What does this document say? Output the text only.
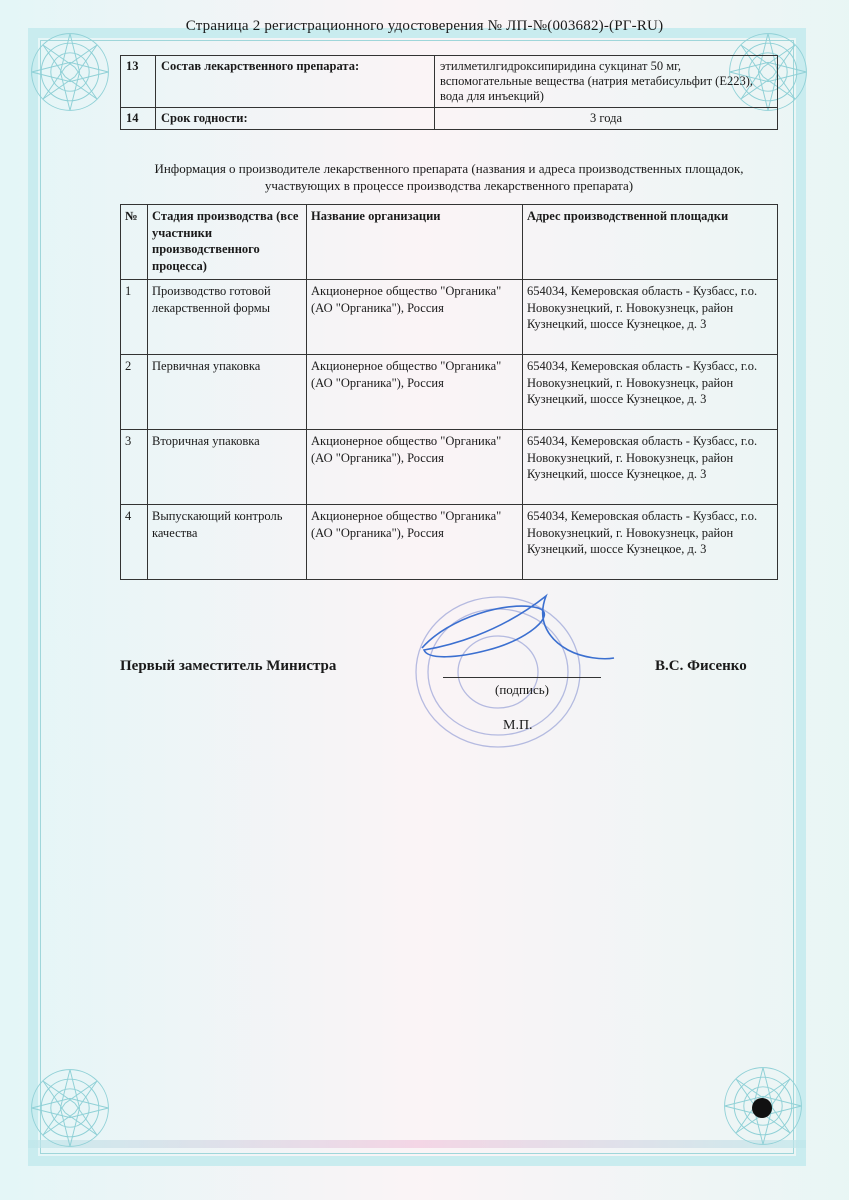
Страница 2 регистрационного удостоверения № ЛП-№(003682)-(РГ-RU)
13	Состав лекарственного препарата:	этилметилгидроксипиридина сукцинат 50 мг, вспомогательные вещества (натрия метабисульфит (Е223), вода для инъекций)
14	Срок годности:	3 года
Информация о производителе лекарственного препарата (названия и адреса производственных площадок, участвующих в процессе производства лекарственного препарата)
№	Стадия производства (все участники производственного процесса)	Название организации	Адрес производственной площадки
1	Производство готовой лекарственной формы	Акционерное общество "Органика" (АО "Органика"), Россия	654034, Кемеровская область - Кузбасс, г.о. Новокузнецкий, г. Новокузнецк, район Кузнецкий, шоссе Кузнецкое, д. 3
2	Первичная упаковка	Акционерное общество "Органика" (АО "Органика"), Россия	654034, Кемеровская область - Кузбасс, г.о. Новокузнецкий, г. Новокузнецк, район Кузнецкий, шоссе Кузнецкое, д. 3
3	Вторичная упаковка	Акционерное общество "Органика" (АО "Органика"), Россия	654034, Кемеровская область - Кузбасс, г.о. Новокузнецкий, г. Новокузнецк, район Кузнецкий, шоссе Кузнецкое, д. 3
4	Выпускающий контроль качества	Акционерное общество "Органика" (АО "Органика"), Россия	654034, Кемеровская область - Кузбасс, г.о. Новокузнецкий, г. Новокузнецк, район Кузнецкий, шоссе Кузнецкое, д. 3
Первый заместитель Министра
(подпись)
В.С. Фисенко
М.П.
